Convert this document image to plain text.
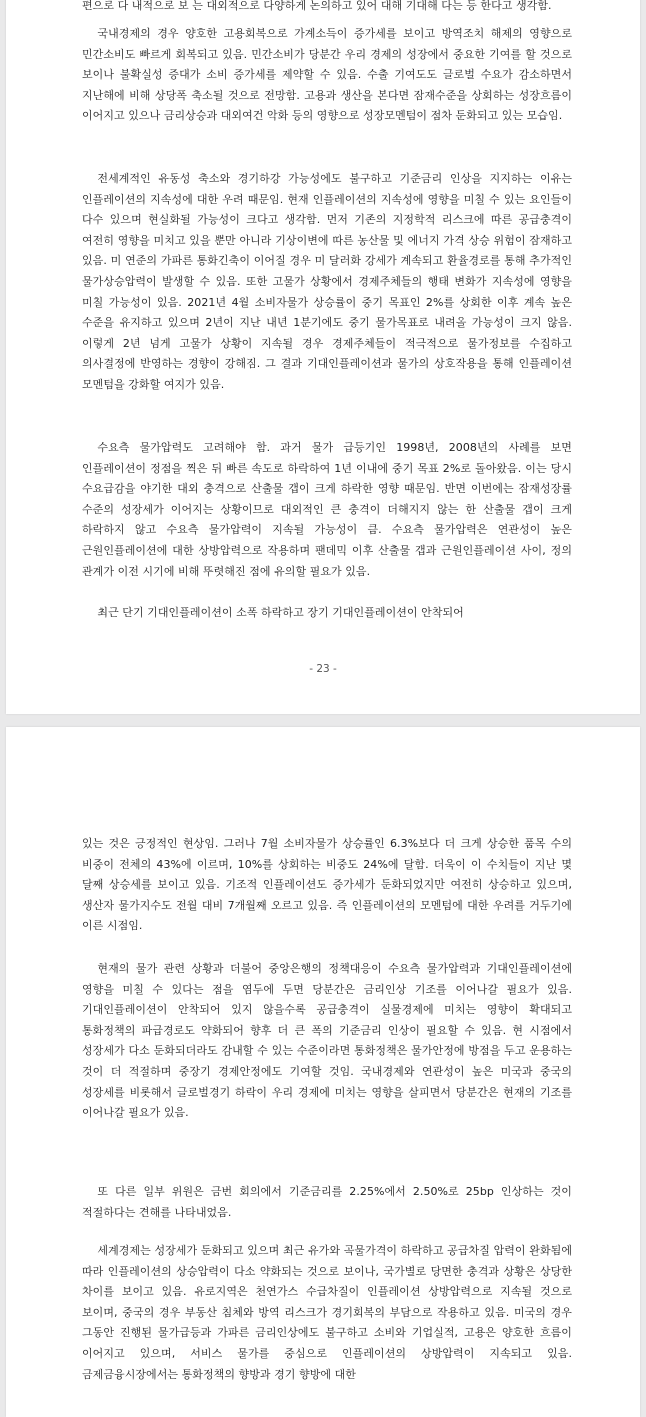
편으로 다 내적으로 보 는 대외적으로 다양하게 논의하고 있어 대해 기대해 다는 등 한다고 생각함.

국내경제의 경우 양호한 고용회복으로 가계소득이 증가세를 보이고 방역조치 해제의 영향으로 민간소비도 빠르게 회복되고 있음. 민간소비가 당분간 우리 경제의 성장에서 중요한 기여를 할 것으로 보이나 불확실성 증대가 소비 증가세를 제약할 수 있음. 수출 기여도도 글로벌 수요가 감소하면서 지난해에 비해 상당폭 축소될 것으로 전망함. 고용과 생산을 본다면 잠재수준을 상회하는 성장흐름이 이어지고 있으나 금리상승과 대외여건 악화 등의 영향으로 성장모멘텀이 점차 둔화되고 있는 모습임.

전세계적인 유동성 축소와 경기하강 가능성에도 불구하고 기준금리 인상을 지지하는 이유는 인플레이션의 지속성에 대한 우려 때문임. 현재 인플레이션의 지속성에 영향을 미칠 수 있는 요인들이 다수 있으며 현실화될 가능성이 크다고 생각함. 먼저 기존의 지정학적 리스크에 따른 공급충격이 여전히 영향을 미치고 있을 뿐만 아니라 기상이변에 따른 농산물 및 에너지 가격 상승 위험이 잠재하고 있음. 미 연준의 가파른 통화긴축이 이어질 경우 미 달러화 강세가 계속되고 환율경로를 통해 추가적인 물가상승압력이 발생할 수 있음. 또한 고물가 상황에서 경제주체들의 행태 변화가 지속성에 영향을 미칠 가능성이 있음. 2021년 4월 소비자물가 상승률이 중기 목표인 2%를 상회한 이후 계속 높은 수준을 유지하고 있으며 2년이 지난 내년 1분기에도 중기 물가목표로 내려올 가능성이 크지 않음. 이렇게 2년 넘게 고물가 상황이 지속될 경우 경제주체들이 적극적으로 물가정보를 수집하고 의사결정에 반영하는 경향이 강해짐. 그 결과 기대인플레이션과 물가의 상호작용을 통해 인플레이션 모멘텀을 강화할 여지가 있음.

수요측 물가압력도 고려해야 함. 과거 물가 급등기인 1998년, 2008년의 사례를 보면 인플레이션이 정점을 찍은 뒤 빠른 속도로 하락하여 1년 이내에 중기 목표 2%로 돌아왔음. 이는 당시 수요급감을 야기한 대외 충격으로 산출물 갭이 크게 하락한 영향 때문임. 반면 이번에는 잠재성장률 수준의 성장세가 이어지는 상황이므로 대외적인 큰 충격이 더해지지 않는 한 산출물 갭이 크게 하락하지 않고 수요측 물가압력이 지속될 가능성이 큼. 수요측 물가압력은 연관성이 높은 근원인플레이션에 대한 상방압력으로 작용하며 팬데믹 이후 산출물 갭과 근원인플레이션 사이, 정의 관계가 이전 시기에 비해 뚜렷해진 점에 유의할 필요가 있음.

최근 단기 기대인플레이션이 소폭 하락하고 장기 기대인플레이션이 안착되어

- 23 -

있는 것은 긍정적인 현상임. 그러나 7월 소비자물가 상승률인 6.3%보다 더 크게 상승한 품목 수의 비중이 전체의 43%에 이르며, 10%를 상회하는 비중도 24%에 달함. 더욱이 이 수치들이 지난 몇 달째 상승세를 보이고 있음. 기조적 인플레이션도 증가세가 둔화되었지만 여전히 상승하고 있으며, 생산자 물가지수도 전월 대비 7개월째 오르고 있음. 즉 인플레이션의 모멘텀에 대한 우려를 거두기에 이른 시점임.

현재의 물가 관련 상황과 더불어 중앙은행의 정책대응이 수요측 물가압력과 기대인플레이션에 영향을 미칠 수 있다는 점을 염두에 두면 당분간은 금리인상 기조를 이어나갈 필요가 있음. 기대인플레이션이 안착되어 있지 않을수록 공급충격이 실물경제에 미치는 영향이 확대되고 통화정책의 파급경로도 약화되어 향후 더 큰 폭의 기준금리 인상이 필요할 수 있음. 현 시점에서 성장세가 다소 둔화되더라도 감내할 수 있는 수준이라면 통화정책은 물가안정에 방점을 두고 운용하는 것이 더 적절하며 중장기 경제안정에도 기여할 것임. 국내경제와 연관성이 높은 미국과 중국의 성장세를 비롯해서 글로벌경기 하락이 우리 경제에 미치는 영향을 살피면서 당분간은 현재의 기조를 이어나갈 필요가 있음.

또 다른 일부 위원은 금번 회의에서 기준금리를 2.25%에서 2.50%로 25bp 인상하는 것이 적절하다는 견해를 나타내었음.

세계경제는 성장세가 둔화되고 있으며 최근 유가와 곡물가격이 하락하고 공급차질 압력이 완화됨에 따라 인플레이션의 상승압력이 다소 약화되는 것으로 보이나, 국가별로 당면한 충격과 상황은 상당한 차이를 보이고 있음. 유로지역은 천연가스 수급차질이 인플레이션 상방압력으로 지속될 것으로 보이며, 중국의 경우 부동산 침체와 방역 리스크가 경기회복의 부담으로 작용하고 있음. 미국의 경우 그동안 진행된 물가급등과 가파른 금리인상에도 불구하고 소비와 기업실적, 고용은 양호한 흐름이 이어지고 있으며, 서비스 물가를 중심으로 인플레이션의 상방압력이 지속되고 있음. 금제금융시장에서는 통화정책의 향방과 경기 향방에 대한
